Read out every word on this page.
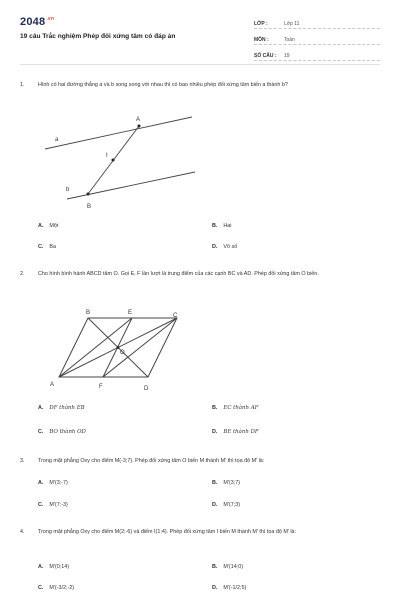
$2048^{.vn}$
19 câu Trắc nghiệm Phép đối xứng tâm có đáp án
LỚP :	Lớp 11
MÔN :	Toán
SỐ CÂU :	19
1.	Hình có hai đường thẳng a và b song song với nhau thì có bao nhiêu phép đối xứng tâm biến a thành b?
a
b
A
B
I
A. Một	B. Hai
C. Ba	D. Vô số
2.	Cho hình bình hành ABCD tâm O. Gọi E, F lần lượt là trung điểm của các cạnh BC và AD. Phép đối xứng tâm O biến.
A
B	C
D
E
F
O
A. DF thành EB	B. EC thành AF
C. BO thành OD	D. BE thành DF
3.	Trong mặt phẳng Oxy cho điểm M(-3;7). Phép đối xứng tâm O biến M thành M' thì tọa độ M' là:
A. M'(3;-7)	B. M'(3;7)
C. M'(7;-3)	D. M'(7;3)
4.	Trong mặt phẳng Oxy cho điểm M(2;-6) và điểm I(1;4). Phép đối xứng tâm I biến M thành M' thì tọa độ M' là:
A. M'(0;14)	B. M'(14;0)
C. M'(-3/2;-2)	D. M'(-1/2;5)
